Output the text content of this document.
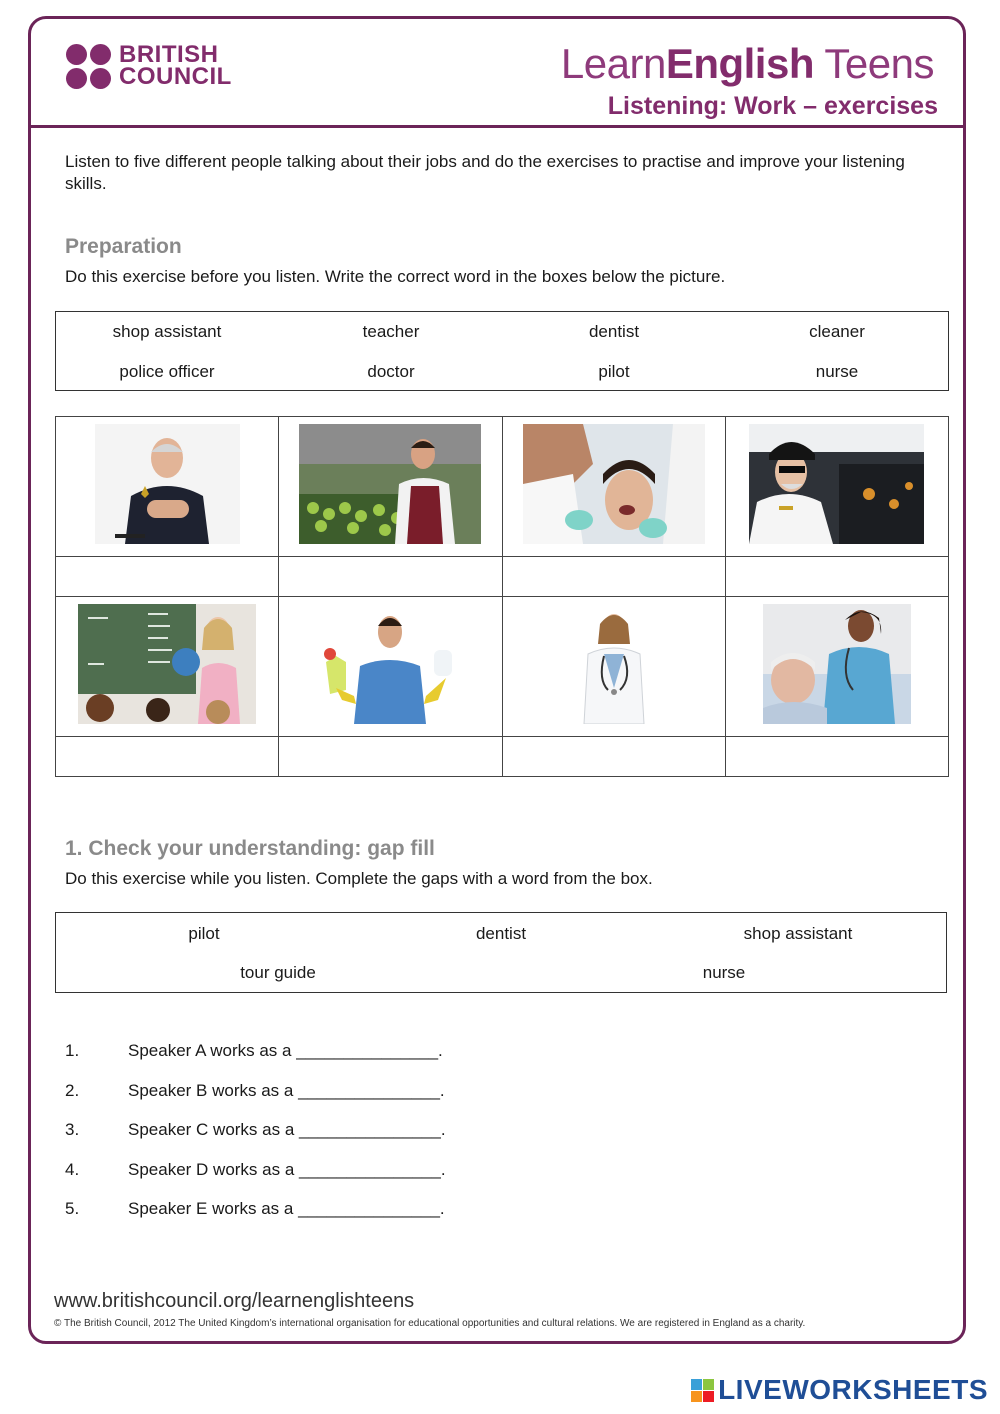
BRITISH
COUNCIL	LearnEnglish Teens
Listening: Work – exercises
Listen to five different people talking about their jobs and do the exercises to practise and improve your listening skills.
Preparation
Do this exercise before you listen. Write the correct word in the boxes below the picture.
shop assistant	teacher	dentist	cleaner
police officer	doctor	pilot	nurse

1. Check your understanding: gap fill
Do this exercise while you listen. Complete the gaps with a word from the box.
pilot	dentist	shop assistant
tour guide	nurse
1.	Speaker A works as a _______________.
2.	Speaker B works as a _______________.
3.	Speaker C works as a _______________.
4.	Speaker D works as a _______________.
5.	Speaker E works as a _______________.
www.britishcouncil.org/learnenglishteens
© The British Council, 2012 The United Kingdom’s international organisation for educational opportunities and cultural relations. We are registered in England as a charity.
LIVEWORKSHEETS
